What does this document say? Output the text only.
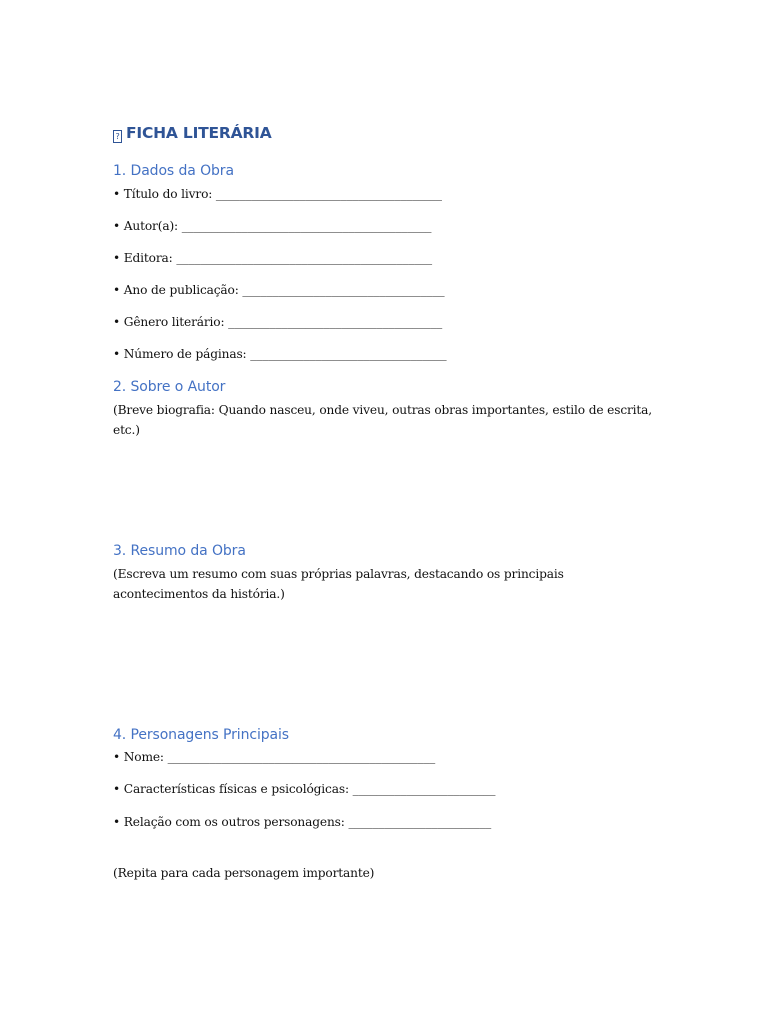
? FICHA LITERÁRIA
1. Dados da Obra
• Título do livro: ______________________________________
• Autor(a): __________________________________________
• Editora: ___________________________________________
• Ano de publicação: __________________________________
• Gênero literário: ____________________________________
• Número de páginas: _________________________________
2. Sobre o Autor
(Breve biografia: Quando nasceu, onde viveu, outras obras importantes, estilo de escrita, etc.)
3. Resumo da Obra
(Escreva um resumo com suas próprias palavras, destacando os principais acontecimentos da história.)
4. Personagens Principais
• Nome: _____________________________________________
• Características físicas e psicológicas: ________________________
• Relação com os outros personagens: ________________________
(Repita para cada personagem importante)
